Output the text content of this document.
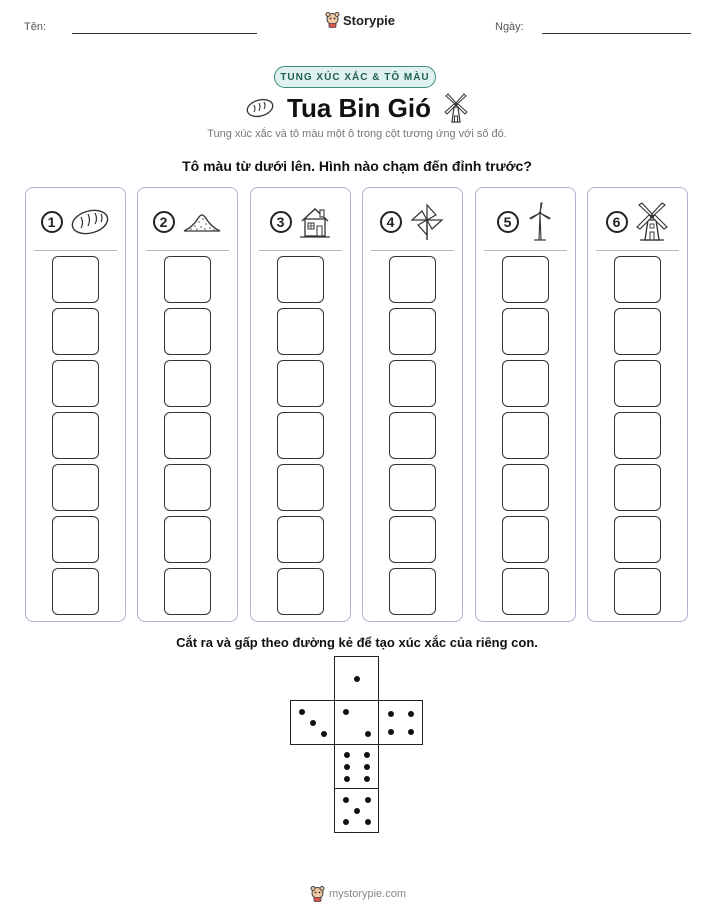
Tên:	Storypie	Ngày:
TUNG XÚC XẮC & TÔ MÀU
Tua Bin Gió
Tung xúc xắc và tô màu một ô trong cột tương ứng với số đó.
Tô màu từ dưới lên. Hình nào chạm đến đỉnh trước?
1	2	3	4	5	6
Cắt ra và gấp theo đường kẻ để tạo xúc xắc của riêng con.
mystorypie.com
